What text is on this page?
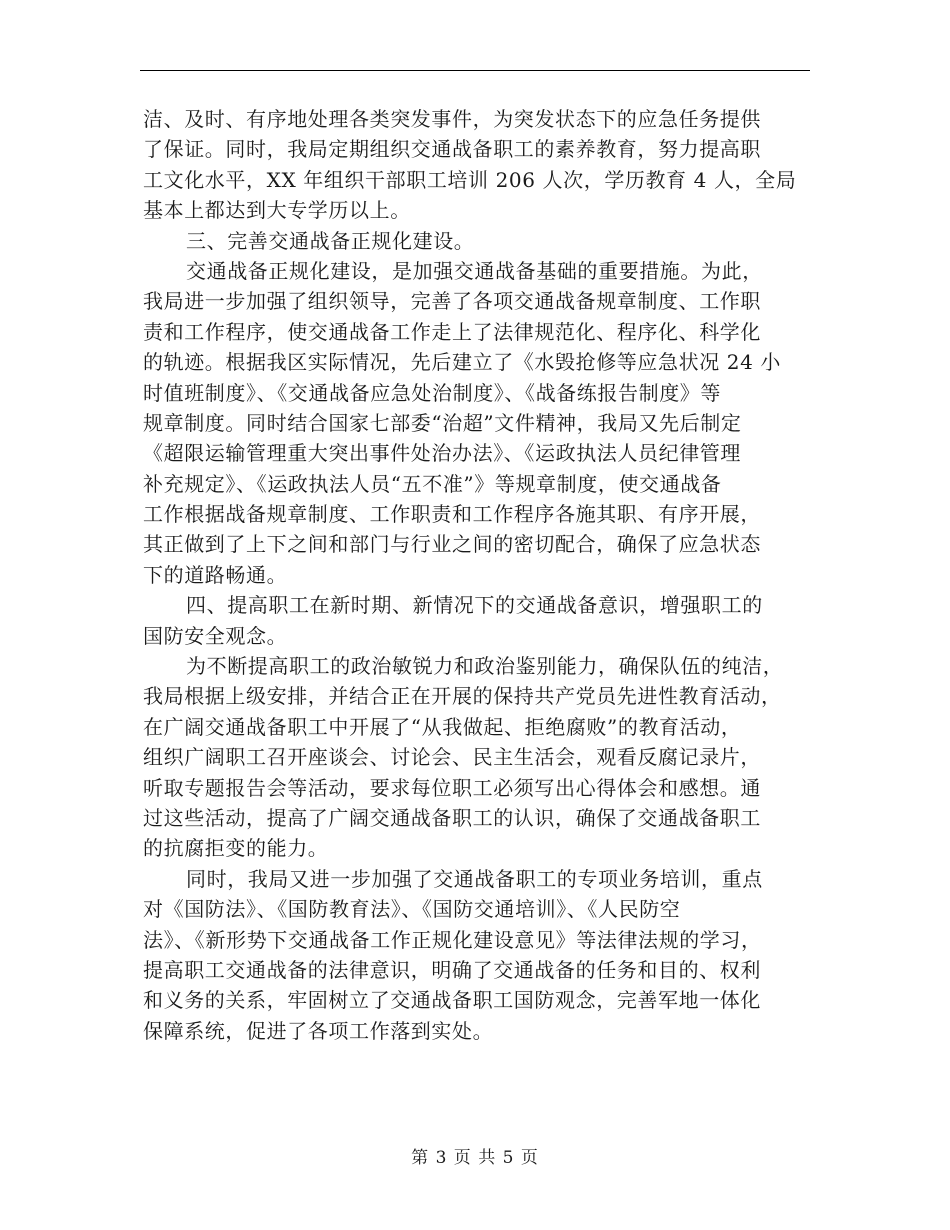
洁、及时、有序地处理各类突发事件，为突发状态下的应急任务提供
了保证。同时，我局定期组织交通战备职工的素养教育，努力提高职
工文化水平，XX 年组织干部职工培训 206 人次，学历教育 4 人，全局
基本上都达到大专学历以上。
三、完善交通战备正规化建设。
交通战备正规化建设，是加强交通战备基础的重要措施。为此，
我局进一步加强了组织领导，完善了各项交通战备规章制度、工作职
责和工作程序，使交通战备工作走上了法律规范化、程序化、科学化
的轨迹。根据我区实际情况，先后建立了《水毁抢修等应急状况 24 小
时值班制度》、《交通战备应急处治制度》、《战备练报告制度》等
规章制度。同时结合国家七部委“治超”文件精神，我局又先后制定
《超限运输管理重大突出事件处治办法》、《运政执法人员纪律管理
补充规定》、《运政执法人员“五不准”》等规章制度，使交通战备
工作根据战备规章制度、工作职责和工作程序各施其职、有序开展，
其正做到了上下之间和部门与行业之间的密切配合，确保了应急状态
下的道路畅通。
四、提高职工在新时期、新情况下的交通战备意识，增强职工的
国防安全观念。
为不断提高职工的政治敏锐力和政治鉴别能力，确保队伍的纯洁，
我局根据上级安排，并结合正在开展的保持共产党员先进性教育活动，
在广阔交通战备职工中开展了“从我做起、拒绝腐败”的教育活动，
组织广阔职工召开座谈会、讨论会、民主生活会，观看反腐记录片，
听取专题报告会等活动，要求每位职工必须写出心得体会和感想。通
过这些活动，提高了广阔交通战备职工的认识，确保了交通战备职工
的抗腐拒变的能力。
同时，我局又进一步加强了交通战备职工的专项业务培训，重点
对《国防法》、《国防教育法》、《国防交通培训》、《人民防空
法》、《新形势下交通战备工作正规化建设意见》等法律法规的学习，
提高职工交通战备的法律意识，明确了交通战备的任务和目的、权利
和义务的关系，牢固树立了交通战备职工国防观念，完善军地一体化
保障系统，促进了各项工作落到实处。
第 3 页 共 5 页
